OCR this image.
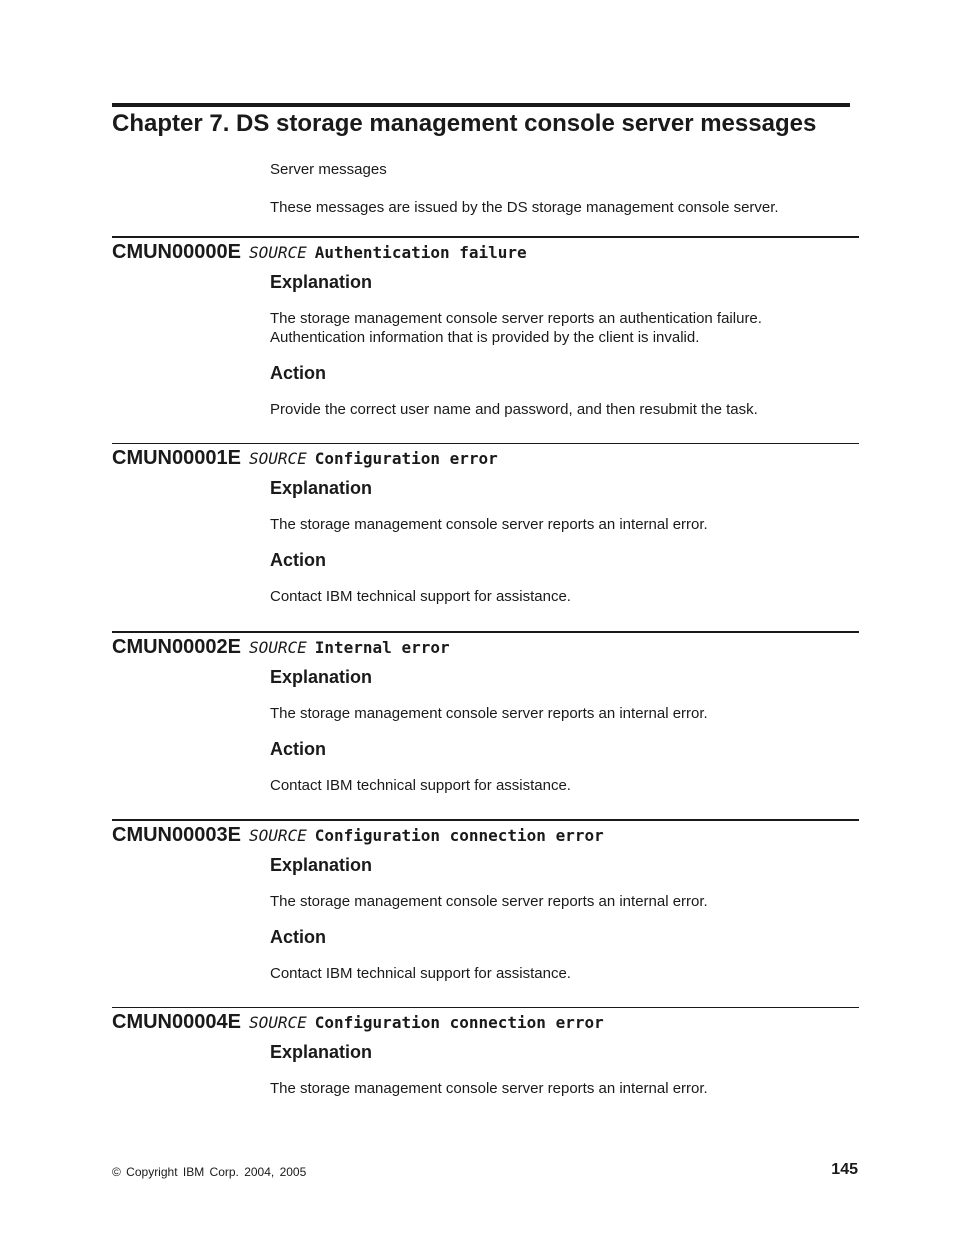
Chapter 7. DS storage management console server messages
Server messages
These messages are issued by the DS storage management console server.
CMUN00000E SOURCE Authentication failure
Explanation
The storage management console server reports an authentication failure.
Authentication information that is provided by the client is invalid.
Action
Provide the correct user name and password, and then resubmit the task.
CMUN00001E SOURCE Configuration error
Explanation
The storage management console server reports an internal error.
Action
Contact IBM technical support for assistance.
CMUN00002E SOURCE Internal error
Explanation
The storage management console server reports an internal error.
Action
Contact IBM technical support for assistance.
CMUN00003E SOURCE Configuration connection error
Explanation
The storage management console server reports an internal error.
Action
Contact IBM technical support for assistance.
CMUN00004E SOURCE Configuration connection error
Explanation
The storage management console server reports an internal error.
© Copyright IBM Corp. 2004, 2005	145
